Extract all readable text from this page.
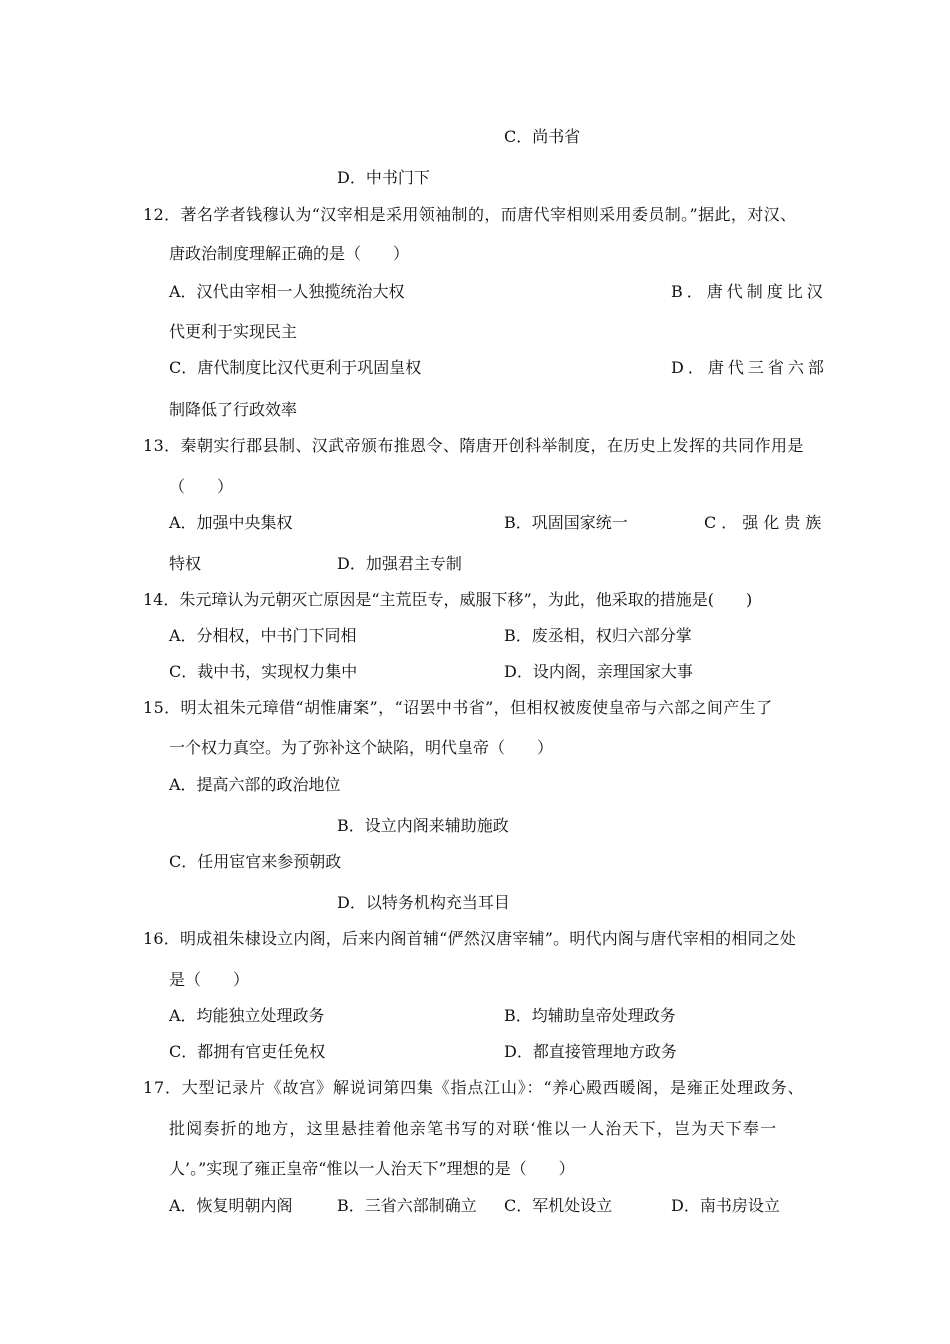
C．尚书省
D．中书门下
12．著名学者钱穆认为“汉宰相是采用领袖制的，而唐代宰相则采用委员制。”据此，对汉、
唐政治制度理解正确的是（　　）
A．汉代由宰相一人独揽统治大权	B．唐代制度比汉
代更利于实现民主
C．唐代制度比汉代更利于巩固皇权	D．唐代三省六部
制降低了行政效率
13．秦朝实行郡县制、汉武帝颁布推恩令、隋唐开创科举制度，在历史上发挥的共同作用是
（　　）
A．加强中央集权	B．巩固国家统一	C．强化贵族
特权	D．加强君主专制
14．朱元璋认为元朝灭亡原因是“主荒臣专，威服下移”，为此，他采取的措施是(　　)
A．分相权，中书门下同相	B．废丞相，权归六部分掌
C．裁中书，实现权力集中	D．设内阁，亲理国家大事
15．明太祖朱元璋借“胡惟庸案”，“诏罢中书省”，但相权被废使皇帝与六部之间产生了
一个权力真空。为了弥补这个缺陷，明代皇帝（　　）
A．提高六部的政治地位
B．设立内阁来辅助施政
C．任用宦官来参预朝政
D．以特务机构充当耳目
16．明成祖朱棣设立内阁，后来内阁首辅“俨然汉唐宰辅”。明代内阁与唐代宰相的相同之处
是（　　）
A．均能独立处理政务	B．均辅助皇帝处理政务
C．都拥有官吏任免权	D．都直接管理地方政务
17．大型记录片《故宫》解说词第四集《指点江山》：“养心殿西暖阁，是雍正处理政务、
批阅奏折的地方，这里悬挂着他亲笔书写的对联‘惟以一人治天下，岂为天下奉一
人’。”实现了雍正皇帝“惟以一人治天下”理想的是（　　）
A．恢复明朝内阁	B．三省六部制确立 C．军机处设立	D．南书房设立
